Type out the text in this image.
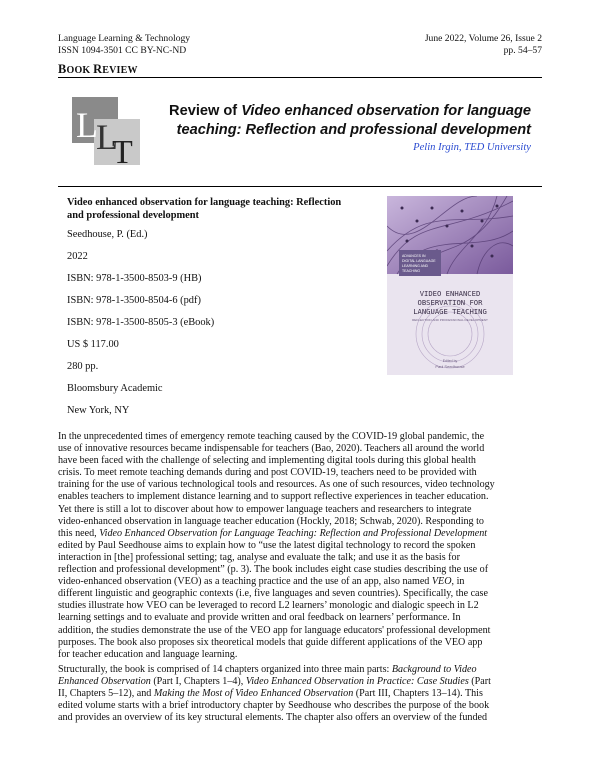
Language Learning & Technology
ISSN 1094-3501 CC BY-NC-ND
June 2022, Volume 26, Issue 2
pp. 54–57
BOOK REVIEW
L
L
T
Review of Video enhanced observation for language teaching: Reflection and professional development
Pelin Irgin, TED University
Video enhanced observation for language teaching: Reflection
and professional development
Seedhouse, P. (Ed.)
2022
ISBN: 978-1-3500-8503-9 (HB)
ISBN: 978-1-3500-8504-6 (pdf)
ISBN: 978-1-3500-8505-3 (eBook)
US $ 117.00
280 pp.
Bloomsbury Academic
New York, NY
ADVANCES IN
DIGITAL LANGUAGE
LEARNING AND
TEACHING
VIDEO ENHANCED
OBSERVATION FOR
LANGUAGE TEACHING
REFLECTION AND PROFESSIONAL DEVELOPMENT
Edited by
Paul Seedhouse
In the unprecedented times of emergency remote teaching caused by the COVID-19 global pandemic, the
use of innovative resources became indispensable for teachers (Bao, 2020). Teachers all around the world
have been faced with the challenge of selecting and implementing digital tools during this global health
crisis. To meet remote teaching demands during and post COVID-19, teachers need to be provided with
training for the use of various technological tools and resources. As one of such resources, video technology
enables teachers to implement distance learning and to support reflective experiences in teacher education.
Yet there is still a lot to discover about how to empower language teachers and researchers to integrate
video-enhanced observation in language teacher education (Hockly, 2018; Schwab, 2020). Responding to
this need, Video Enhanced Observation for Language Teaching: Reflection and Professional Development
edited by Paul Seedhouse aims to explain how to “use the latest digital technology to record the spoken
interaction in [the] professional setting; tag, analyse and evaluate the talk; and use it as the basis for
reflection and professional development” (p. 3). The book includes eight case studies describing the use of
video-enhanced observation (VEO) as a teaching practice and the use of an app, also named VEO, in
different linguistic and geographic contexts (i.e, five languages and seven countries). Specifically, the case
studies illustrate how VEO can be leveraged to record L2 learners’ monologic and dialogic speech in L2
learning settings and to evaluate and provide written and oral feedback on learners’ performance. In
addition, the studies demonstrate the use of the VEO app for language educators' professional development
purposes. The book also proposes six theoretical models that guide different applications of the VEO app
for teacher education and language learning.
Structurally, the book is comprised of 14 chapters organized into three main parts: Background to Video
Enhanced Observation (Part I, Chapters 1–4), Video Enhanced Observation in Practice: Case Studies (Part
II, Chapters 5–12), and Making the Most of Video Enhanced Observation (Part III, Chapters 13–14). This
edited volume starts with a brief introductory chapter by Seedhouse who describes the purpose of the book
and provides an overview of its key structural elements. The chapter also offers an overview of the funded
